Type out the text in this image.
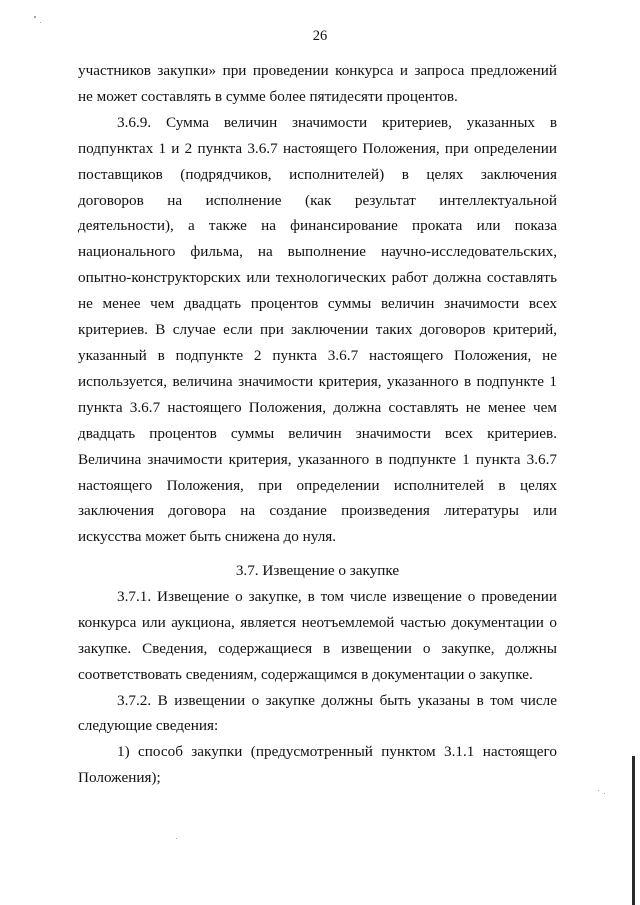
26

участников закупки» при проведении конкурса и запроса предложений не может составлять в сумме более пятидесяти процентов.

3.6.9. Сумма величин значимости критериев, указанных в подпунктах 1 и 2 пункта 3.6.7 настоящего Положения, при определении поставщиков (подрядчиков, исполнителей) в целях заключения договоров на исполнение (как результат интеллектуальной деятельности), а также на финансирование проката или показа национального фильма, на выполнение научно-исследовательских, опытно-конструкторских или технологических работ должна составлять не менее чем двадцать процентов суммы величин значимости всех критериев. В случае если при заключении таких договоров критерий, указанный в подпункте 2 пункта 3.6.7 настоящего Положения, не используется, величина значимости критерия, указанного в подпункте 1 пункта 3.6.7 настоящего Положения, должна составлять не менее чем двадцать процентов суммы величин значимости всех критериев. Величина значимости критерия, указанного в подпункте 1 пункта 3.6.7 настоящего Положения, при определении исполнителей в целях заключения договора на создание произведения литературы или искусства может быть снижена до нуля.

3.7. Извещение о закупке

3.7.1. Извещение о закупке, в том числе извещение о проведении конкурса или аукциона, является неотъемлемой частью документации о закупке. Сведения, содержащиеся в извещении о закупке, должны соответствовать сведениям, содержащимся в документации о закупке.

3.7.2. В извещении о закупке должны быть указаны в том числе следующие сведения:

1) способ закупки (предусмотренный пунктом 3.1.1 настоящего Положения);
